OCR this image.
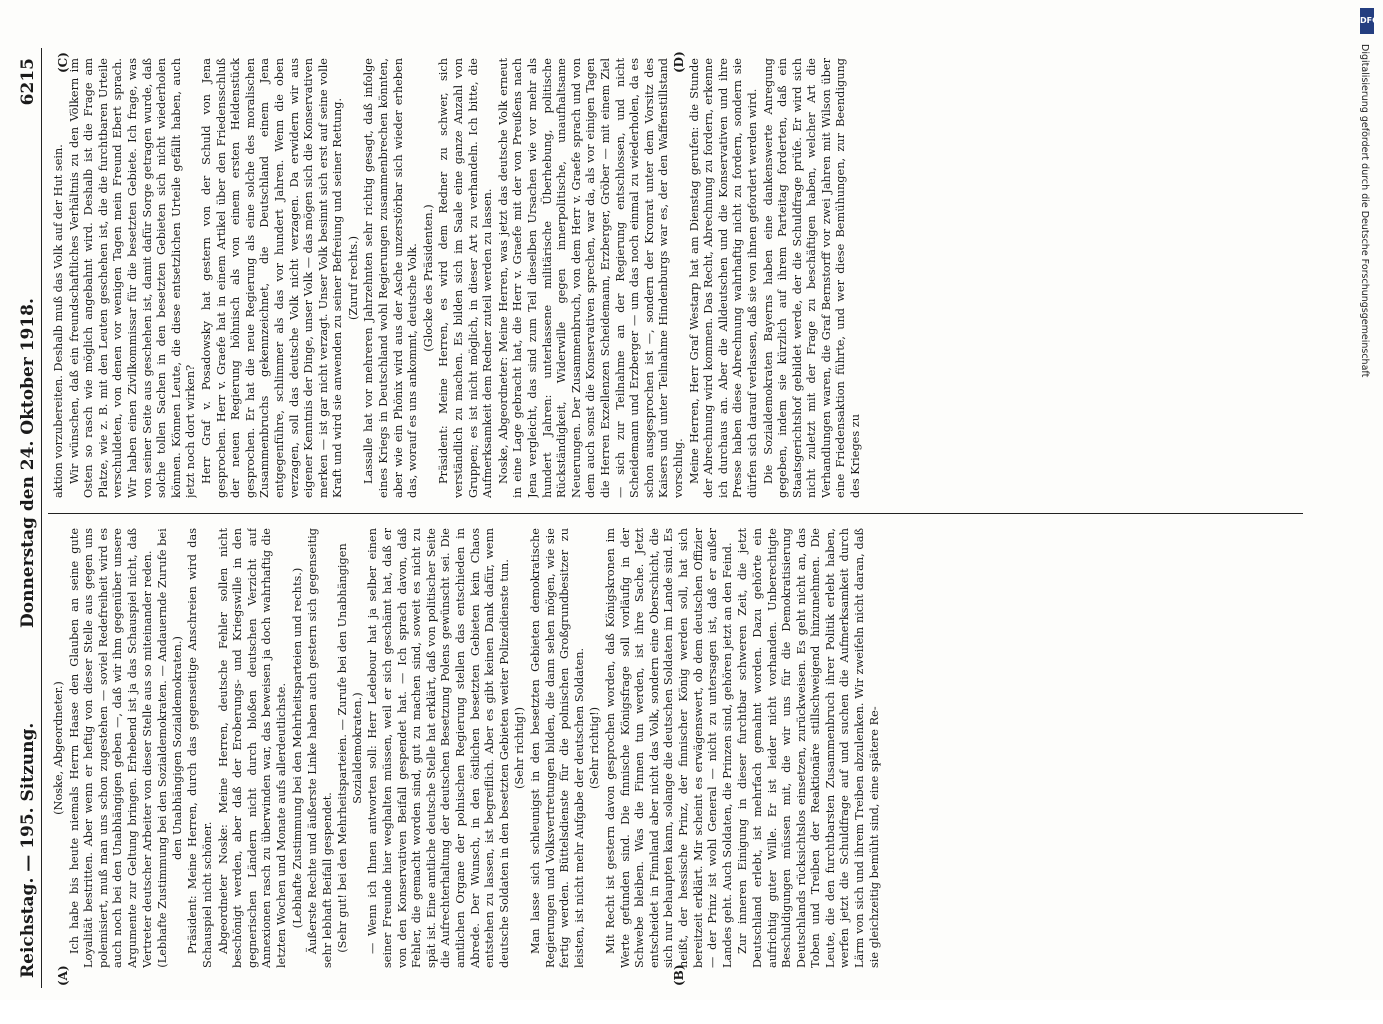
Reichstag. — 195. Sitzung.
Donnerstag den 24. Oktober 1918.
6215
(A)	(B)
(C)	(D)

(Noske, Abgeordneter.) Ich habe bis heute niemals Herrn Haase den Glauben an seine gute Loyalität bestritten. Aber wenn er heftig von dieser Stelle aus gegen uns polemisiert, muß man uns schon zugestehen — soviel Redefreiheit wird es auch noch bei den Unabhängigen geben —, daß wir ihm gegenüber unsere Argumente zur Geltung bringen. Erhebend ist ja das Schauspiel nicht, daß Vertreter deutscher Arbeiter von dieser Stelle aus so miteinander reden. (Lebhafte Zustimmung bei den Sozialdemokraten. — Andauernde Zurufe bei den Unabhängigen Sozialdemokraten.) Präsident: Meine Herren, durch das gegenseitige Anschreien wird das Schauspiel nicht schöner. Abgeordneter Noske: Meine Herren, deutsche Fehler sollen nicht beschönigt werden, aber daß der Eroberungs- und Kriegswille in den gegnerischen Ländern nicht durch bloßen deutschen Verzicht auf Annexionen rasch zu überwinden war, das beweisen ja doch wahrhaftig die letzten Wochen und Monate aufs allerdeutlichste. (Lebhafte Zustimmung bei den Mehrheitsparteien und rechts.) Äußerste Rechte und äußerste Linke haben auch gestern sich gegenseitig sehr lebhaft Beifall gespendet. (Sehr gut! bei den Mehrheitsparteien. — Zurufe bei den Unabhängigen Sozialdemokraten.) — Wenn ich Ihnen antworten soll: Herr Ledebour hat ja selber einen seiner Freunde hier weghalten müssen, weil er sich geschämt hat, daß er von den Konservativen Beifall gespendet hat. — Ich sprach davon, daß Fehler, die gemacht worden sind, gut zu machen sind, soweit es nicht zu spät ist. Eine amtliche deutsche Stelle hat erklärt, daß von politischer Seite die Aufrechterhaltung der deutschen Besetzung Polens gewünscht sei. Die amtlichen Organe der polnischen Regierung stellen das entschieden in Abrede. Der Wunsch, in den östlichen besetzten Gebieten kein Chaos entstehen zu lassen, ist begreiflich. Aber es gibt keinen Dank dafür, wenn deutsche Soldaten in den besetzten Gebieten weiter Polizeidienste tun. (Sehr richtig!) Man lasse sich schleunigst in den besetzten Gebieten demokratische Regierungen und Volksvertretungen bilden, die dann sehen mögen, wie sie fertig werden. Büttelsdienste für die polnischen Großgrundbesitzer zu leisten, ist nicht mehr Aufgabe der deutschen Soldaten. (Sehr richtig!) Mit Recht ist gestern davon gesprochen worden, daß Königskronen im Werte gefunden sind. Die finnische Königsfrage soll vorläufig in der Schwebe bleiben. Was die Finnen tun werden, ist ihre Sache. Jetzt entscheidet in Finnland aber nicht das Volk, sondern eine Oberschicht, die sich nur behaupten kann, solange die deutschen Soldaten im Lande sind. Es heißt, der hessische Prinz, der finnischer König werden soll, hat sich bereitzeit erklärt. Mir scheint es erwägenswert, ob dem deutschen Offizier — der Prinz ist wohl General — nicht zu untersagen ist, daß er außer Landes geht. Auch Soldaten, die Prinzen sind, gehören jetzt an den Feind. Zur inneren Einigung in dieser furchtbar schweren Zeit, die jetzt Deutschland erlebt, ist mehrfach gemahnt worden. Dazu gehörte ein aufrichtig guter Wille. Er ist leider nicht vorhanden. Unberechtigte Beschuldigungen müssen mit, die wir uns für die Demokratisierung Deutschlands rücksichtslos einsetzen, zurückweisen. Es geht nicht an, das Toben und Treiben der Reaktionäre stillschweigend hinzunehmen. Die Leute, die den furchtbarsten Zusammenbruch ihrer Politik erlebt haben, werfen jetzt die Schuldfrage auf und suchen die Aufmerksamkeit durch Lärm von sich und ihrem Treiben abzulenken. Wir zweifeln nicht daran, daß sie gleichzeitig bemüht sind, eine spätere Re-

aktion vorzubereiten. Deshalb muß das Volk auf der Hut sein. Wir wünschen, daß ein freundschaftliches Verhältnis zu den Völkern im Osten so rasch wie möglich angebahnt wird. Deshalb ist die Frage am Platze, wie z. B. mit den Leuten geschehen ist, die die furchtbaren Urteile verschuldeten, von denen vor wenigen Tagen mein Freund Ebert sprach. Wir haben einen Zivilkommissar für die besetzten Gebiete. Ich frage, was von seiner Seite aus geschehen ist, damit dafür Sorge getragen wurde, daß solche tollen Sachen in den besetzten Gebieten sich nicht wiederholen können. Können Leute, die diese entsetzlichen Urteile gefällt haben, auch jetzt noch dort wirken? Herr Graf v. Posadowsky hat gestern von der Schuld von Jena gesprochen. Herr v. Graefe hat in einem Artikel über den Friedensschluß der neuen Regierung höhnisch als von einem ersten Heldenstück gesprochen. Er hat die neue Regierung als eine solche des moralischen Zusammenbruchs gekennzeichnet, die Deutschland einem Jena entgegenführe, schlimmer als das vor hundert Jahren. Wenn die oben verzagen, soll das deutsche Volk nicht verzagen. Da erwidern wir aus eigener Kenntnis der Dinge, unser Volk — das mögen sich die Konservativen merken — ist gar nicht verzagt. Unser Volk besinnt sich erst auf seine volle Kraft und wird sie anwenden zu seiner Befreiung und seiner Rettung. (Zuruf rechts.) Lassalle hat vor mehreren Jahrzehnten sehr richtig gesagt, daß infolge eines Kriegs in Deutschland wohl Regierungen zusammenbrechen könnten, aber wie ein Phönix wird aus der Asche unzerstörbar sich wieder erheben das, worauf es uns ankommt, deutsche Volk. (Glocke des Präsidenten.) Präsident: Meine Herren, es wird dem Redner zu schwer, sich verständlich zu machen. Es bilden sich im Saale eine ganze Anzahl von Gruppen; es ist nicht möglich, in dieser Art zu verhandeln. Ich bitte, die Aufmerksamkeit dem Redner zuteil werden zu lassen. Noske, Abgeordneter: Meine Herren, was jetzt das deutsche Volk erneut in eine Lage gebracht hat, die Herr v. Graefe mit der von Preußens nach Jena vergleicht, das sind zum Teil dieselben Ursachen wie vor mehr als hundert Jahren: unterlassene militärische Überhebung, politische Rückständigkeit, Widerwille gegen innerpolitische, unaufhaltsame Neuerungen. Der Zusammenbruch, von dem Herr v. Graefe sprach und von dem auch sonst die Konservativen sprechen, war da, als vor einigen Tagen die Herren Exzellenzen Scheidemann, Erzberger, Gröber — mit einem Ziel — sich zur Teilnahme an der Regierung entschlossen, und nicht Scheidemann und Erzberger — um das noch einmal zu wiederholen, da es schon ausgesprochen ist —, sondern der Kronrat unter dem Vorsitz des Kaisers und unter Teilnahme Hindenburgs war es, der den Waffenstillstand vorschlug. Meine Herren, Herr Graf Westarp hat am Dienstag gerufen: die Stunde der Abrechnung wird kommen. Das Recht, Abrechnung zu fordern, erkenne ich durchaus an. Aber die Alldeutschen und die Konservativen und ihre Presse haben diese Abrechnung wahrhaftig nicht zu fordern, sondern sie dürfen sich darauf verlassen, daß sie von ihnen gefordert werden wird. Die Sozialdemokraten Bayerns haben eine dankenswerte Anregung gegeben, indem sie kürzlich auf ihrem Parteitag forderten, daß ein Staatsgerichtshof gebildet werde, der die Schuldfrage prüfe. Er wird sich nicht zuletzt mit der Frage zu beschäftigen haben, welcher Art die Verhandlungen waren, die Graf Bernstorff vor zwei Jahren mit Wilson über eine Friedensaktion führte, und wer diese Bemühungen, zur Beendigung des Krieges zu

DFG
Digitalisierung gefördert durch die Deutsche Forschungsgemeinschaft
